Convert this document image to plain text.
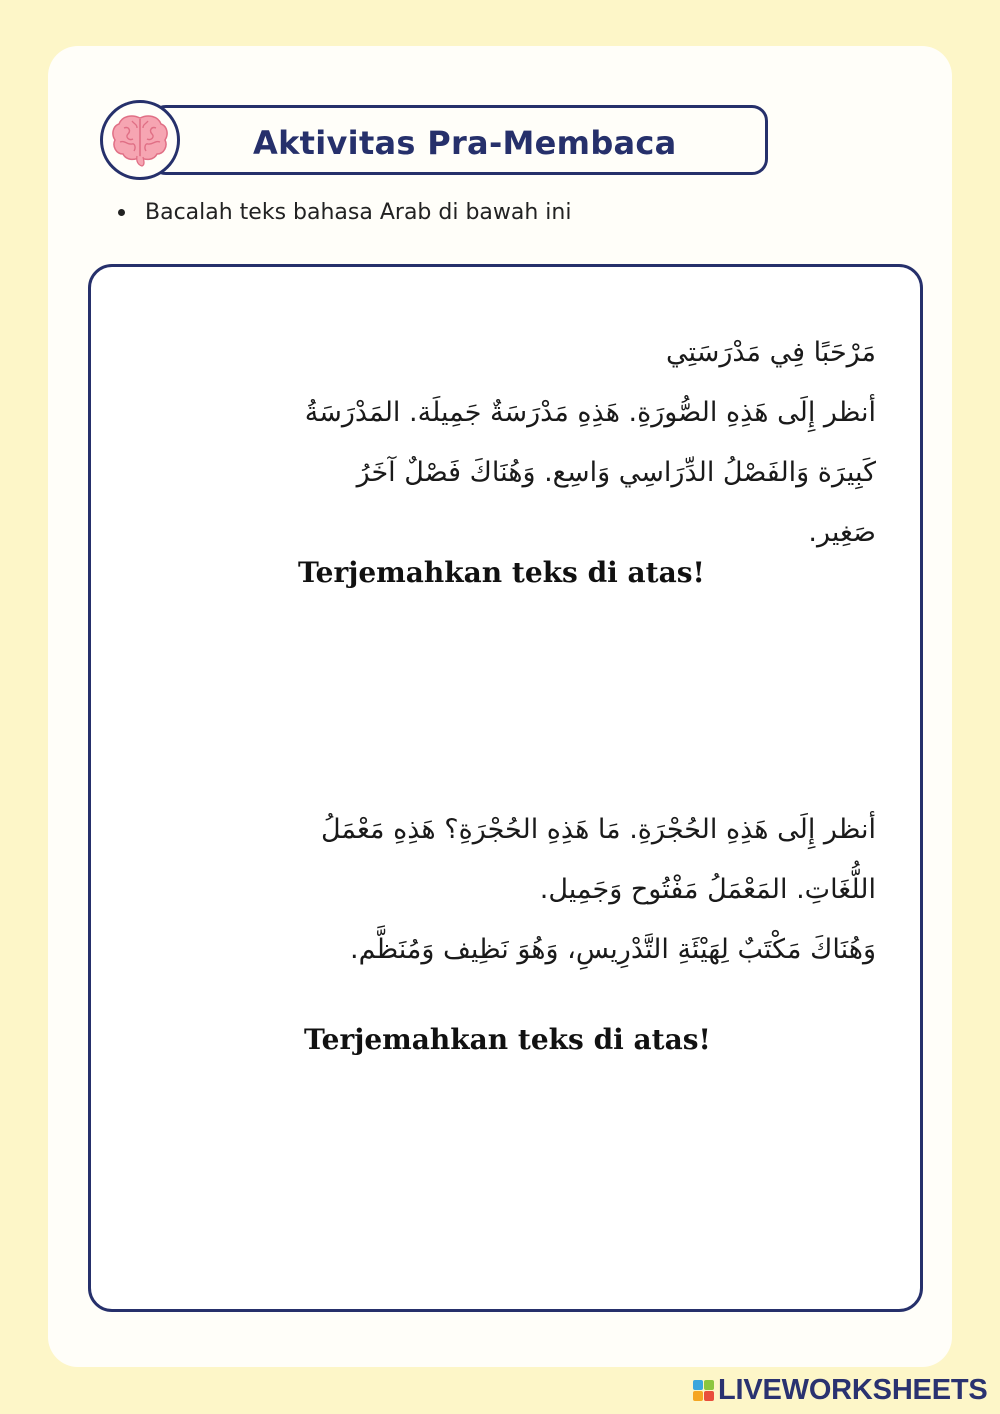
Aktivitas Pra-Membaca
Bacalah teks bahasa Arab di bawah ini
مَرْحَبًا فِي مَدْرَسَتِي
أنظر إِلَى هَذِهِ الصُّورَةِ. هَذِهِ مَدْرَسَةٌ جَمِيلَة. المَدْرَسَةُ
كَبِيرَة وَالفَصْلُ الدِّرَاسِي وَاسِع. وَهُنَاكَ فَصْلٌ آخَرُ
صَغِير.
Terjemahkan teks di atas!
أنظر إِلَى هَذِهِ الحُجْرَةِ. مَا هَذِهِ الحُجْرَةِ؟ هَذِهِ مَعْمَلُ
اللُّغَاتِ. المَعْمَلُ مَفْتُوح وَجَمِيل.
وَهُنَاكَ مَكْتَبٌ لِهَيْئَةِ التَّدْرِيسِ، وَهُوَ نَظِيف وَمُنَظَّم.
Terjemahkan teks di atas!
LIVEWORKSHEETS
